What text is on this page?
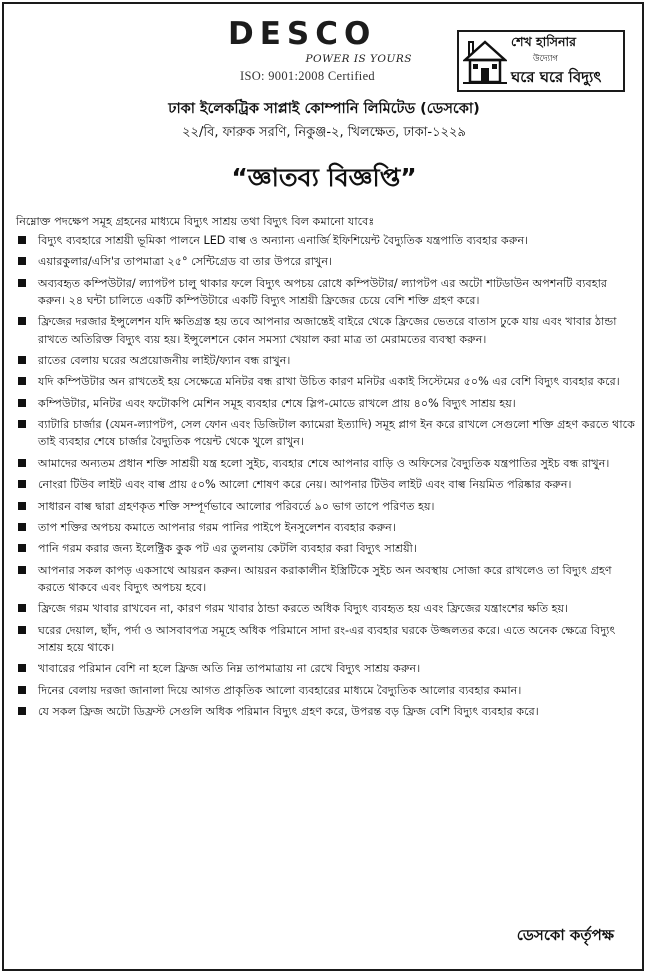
DESCO
POWER IS YOURS
ISO: 9001:2008 Certified
শেখ হাসিনার
উদ্যোগ
ঘরে ঘরে বিদ্যুৎ
ঢাকা ইলেকট্রিক সাপ্লাই কোম্পানি লিমিটেড (ডেসকো)
২২/বি, ফারুক সরণি, নিকুঞ্জ-২, খিলক্ষেত, ঢাকা-১২২৯
“জ্ঞাতব্য বিজ্ঞপ্তি”
নিম্নোক্ত পদক্ষেপ সমূহ গ্রহনের মাধ্যমে বিদ্যুৎ সাশ্রয় তথা বিদ্যুৎ বিল কমানো যাবেঃ
বিদ্যুৎ ব্যবহারে সাশ্রয়ী ভূমিকা পালনে LED বাল্ব ও অন্যান্য এনার্জি ইফিশিয়েন্ট বৈদ্যুতিক যন্ত্রপাতি ব্যবহার করুন।
এয়ারকুলার/এসি'র তাপমাত্রা ২৫° সেন্টিগ্রেড বা তার উপরে রাখুন।
অব্যবহৃত কম্পিউটার/ ল্যাপটপ চালু থাকার ফলে বিদ্যুৎ অপচয় রোধে কম্পিউটার/ ল্যাপটপ এর অটো শাটডাউন অপশনটি ব্যবহার করুন। ২৪ ঘন্টা চালিতে একটি কম্পিউটারে একটি বিদ্যুৎ সাশ্রয়ী ফ্রিজের চেয়ে বেশি শক্তি গ্রহণ করে।
ফ্রিজের দরজার ইন্সুলেশন যদি ক্ষতিগ্রস্ত হয় তবে আপনার অজান্তেই বাইরে থেকে ফ্রিজের ভেতরে বাতাস ঢুকে যায় এবং খাবার ঠান্ডা রাখতে অতিরিক্ত বিদ্যুৎ ব্যয় হয়। ইন্সুলেশনে কোন সমস্যা খেয়াল করা মাত্র তা মেরামতের ব্যবস্থা করুন।
রাতের বেলায় ঘরের অপ্রয়োজনীয় লাইট/ফ্যান বন্ধ রাখুন।
যদি কম্পিউটার অন রাখতেই হয় সেক্ষেত্রে মনিটর বন্ধ রাখা উচিত কারণ মনিটর একাই সিস্টেমের ৫০% এর বেশি বিদ্যুৎ ব্যবহার করে।
কম্পিউটার, মনিটর এবং ফটোকপি মেশিন সমূহ ব্যবহার শেষে স্লিপ-মোডে রাখলে প্রায় ৪০% বিদ্যুৎ সাশ্রয় হয়।
ব্যাটারি চার্জার (যেমন-ল্যাপটপ, সেল ফোন এবং ডিজিটাল ক্যামেরা ইত্যাদি) সমূহ প্লাগ ইন করে রাখলে সেগুলো শক্তি গ্রহণ করতে থাকে তাই ব্যবহার শেষে চার্জার বৈদ্যুতিক পয়েন্ট থেকে খুলে রাখুন।
আমাদের অন্যতম প্রধান শক্তি সাশ্রয়ী যন্ত্র হলো সুইচ, ব্যবহার শেষে আপনার বাড়ি ও অফিসের বৈদ্যুতিক যন্ত্রপাতির সুইচ বন্ধ রাখুন।
নোংরা টিউব লাইট এবং বাল্ব প্রায় ৫০% আলো শোষণ করে নেয়। আপনার টিউব লাইট এবং বাল্ব নিয়মিত পরিষ্কার করুন।
সাধারন বাল্ব দ্বারা গ্রহণকৃত শক্তি সম্পূর্ণভাবে আলোর পরিবর্তে ৯০ ভাগ তাপে পরিণত হয়।
তাপ শক্তির অপচয় কমাতে আপনার গরম পানির পাইপে ইনসুলেশন ব্যবহার করুন।
পানি গরম করার জন্য ইলেক্ট্রিক কুক পট এর তুলনায় কেটলি ব্যবহার করা বিদ্যুৎ সাশ্রয়ী।
আপনার সকল কাপড় একসাথে আয়রন করুন। আয়রন করাকালীন ইস্ত্রিটিকে সুইচ অন অবস্থায় সোজা করে রাখলেও তা বিদ্যুৎ গ্রহণ করতে থাকবে এবং বিদ্যুৎ অপচয় হবে।
ফ্রিজে গরম খাবার রাখবেন না, কারণ গরম খাবার ঠান্ডা করতে অধিক বিদ্যুৎ ব্যবহৃত হয় এবং ফ্রিজের যন্ত্রাংশের ক্ষতি হয়।
ঘরের দেয়াল, ছাঁদ, পর্দা ও আসবাবপত্র সমূহে অধিক পরিমানে সাদা রং-এর ব্যবহার ঘরকে উজ্জলতর করে। এতে অনেক ক্ষেত্রে বিদ্যুৎ সাশ্রয় হয়ে থাকে।
খাবারের পরিমান বেশি না হলে ফ্রিজ অতি নিম্ন তাপমাত্রায় না রেখে বিদ্যুৎ সাশ্রয় করুন।
দিনের বেলায় দরজা জানালা দিয়ে আগত প্রাকৃতিক আলো ব্যবহারের মাধ্যমে বৈদ্যুতিক আলোর ব্যবহার কমান।
যে সকল ফ্রিজ অটো ডিফ্রস্ট সেগুলি অধিক পরিমান বিদ্যুৎ গ্রহণ করে, উপরন্ত বড় ফ্রিজ বেশি বিদ্যুৎ ব্যবহার করে।
ডেসকো কর্তৃপক্ষ
